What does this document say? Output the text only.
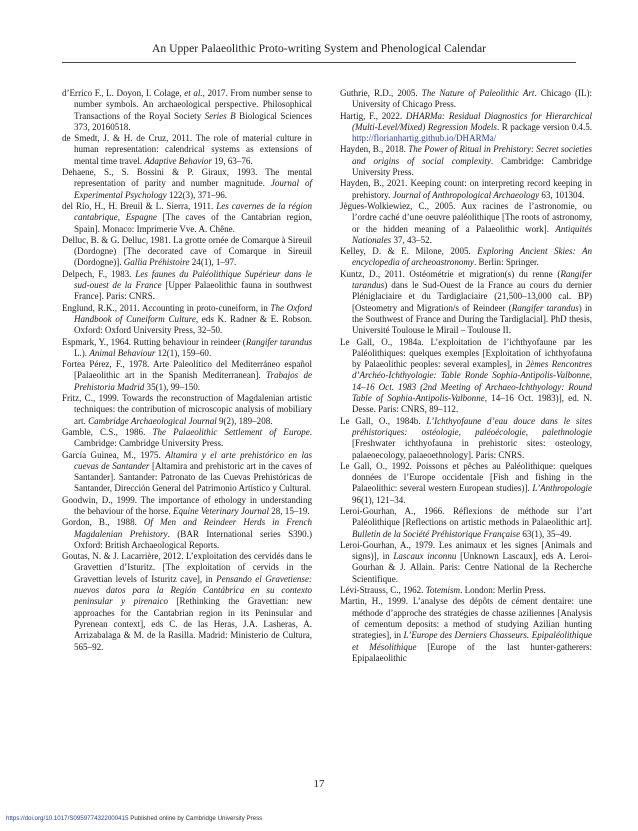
An Upper Palaeolithic Proto-writing System and Phenological Calendar

d’Errico F., L. Doyon, I. Colage, et al., 2017. From number sense to number symbols. An archaeological perspective. Philosophical Transactions of the Royal Society Series B Biological Sciences 373, 20160518.

de Smedt, J. & H. de Cruz, 2011. The role of material culture in human representation: calendrical systems as extensions of mental time travel. Adaptive Behavior 19, 63–76.

Dehaene, S., S. Bossini & P. Giraux, 1993. The mental representation of parity and number magnitude. Journal of Experimental Psychology 122(3), 371–96.

del Río, H., H. Breuil & L. Sierra, 1911. Les cavernes de la région cantabrique, Espagne [The caves of the Cantabrian region, Spain]. Monaco: Imprimerie Vve. A. Chêne.

Delluc, B. & G. Delluc, 1981. La grotte ornée de Comarque à Sireuil (Dordogne) [The decorated cave of Comarque in Sireuil (Dordogne)]. Gallia Préhistoire 24(1), 1–97.

Delpech, F., 1983. Les faunes du Paléolithique Supérieur dans le sud-ouest de la France [Upper Palaeolithic fauna in southwest France]. Paris: CNRS.

Englund, R.K., 2011. Accounting in proto-cuneiform, in The Oxford Handbook of Cuneiform Culture, eds K. Radner & E. Robson. Oxford: Oxford University Press, 32–50.

Espmark, Y., 1964. Rutting behaviour in reindeer (Rangifer tarandus L.). Animal Behaviour 12(1), 159–60.

Fortea Pérez, F., 1978. Arte Paleolítico del Mediterráneo español [Palaeolithic art in the Spanish Mediterranean]. Trabajos de Prehistoria Madrid 35(1), 99–150.

Fritz, C., 1999. Towards the reconstruction of Magdalenian artistic techniques: the contribution of microscopic analysis of mobiliary art. Cambridge Archaeological Journal 9(2), 189–208.

Gamble, C.S., 1986. The Palaeolithic Settlement of Europe. Cambridge: Cambridge University Press.

García Guinea, M., 1975. Altamira y el arte prehistórico en las cuevas de Santander [Altamira and prehistoric art in the caves of Santander]. Santander: Patronato de las Cuevas Prehistóricas de Santander, Dirección General del Patrimonio Artístico y Cultural.

Goodwin, D., 1999. The importance of ethology in understanding the behaviour of the horse. Equine Veterinary Journal 28, 15–19.

Gordon, B., 1988. Of Men and Reindeer Herds in French Magdalenian Prehistory. (BAR International series S390.) Oxford: British Archaeological Reports.

Goutas, N. & J. Lacarrière, 2012. L’exploitation des cervidés dans le Gravettien d’Isturitz. [The exploitation of cervids in the Gravettian levels of Isturitz cave], in Pensando el Gravetiense: nuevos datos para la Región Cantábrica en su contexto peninsular y pirenaico [Rethinking the Gravettian: new approaches for the Cantabrian region in its Peninsular and Pyrenean context], eds C. de las Heras, J.A. Lasheras, A. Arrizabalaga & M. de la Rasilla. Madrid: Ministerio de Cultura, 565–92.

Guthrie, R.D., 2005. The Nature of Paleolithic Art. Chicago (IL): University of Chicago Press.

Hartig, F., 2022. DHARMa: Residual Diagnostics for Hierarchical (Multi-Level/Mixed) Regression Models. R package version 0.4.5. http://florianhartig.github.io/DHARMa/

Hayden, B., 2018. The Power of Ritual in Prehistory: Secret societies and origins of social complexity. Cambridge: Cambridge University Press.

Hayden, B., 2021. Keeping count: on interpreting record keeping in prehistory. Journal of Anthropological Archaeology 63, 101304.

Jègues-Wolkiewiez, C., 2005. Aux racines de l’astronomie, ou l’ordre caché d’une oeuvre paléolithique [The roots of astronomy, or the hidden meaning of a Palaeolithic work]. Antiquités Nationales 37, 43–52.

Kelley, D. & E. Milone, 2005. Exploring Ancient Skies: An encyclopedia of archeoastronomy. Berlin: Springer.

Kuntz, D., 2011. Ostéométrie et migration(s) du renne (Rangifer tarandus) dans le Sud-Ouest de la France au cours du dernier Pléniglaciaire et du Tardiglaciaire (21,500–13,000 cal. BP) [Osteometry and Migration/s of Reindeer (Rangifer tarandus) in the Southwest of France and During the Tardiglacial]. PhD thesis, Université Toulouse le Mirail – Toulouse II.

Le Gall, O., 1984a. L’exploitation de l’ichthyofaune par les Paléolithiques: quelques exemples [Exploitation of ichthyofauna by Palaeolithic peoples: several examples], in 2èmes Rencontres d’Archéo-Ichthyologie: Table Ronde Sophia-Antipolis-Valbonne, 14–16 Oct. 1983 (2nd Meeting of Archaeo-Ichthyology: Round Table of Sophia-Antipolis-Valbonne, 14–16 Oct. 1983)], ed. N. Desse. Paris: CNRS, 89–112.

Le Gall, O., 1984b. L’Ichthyofaune d’eau douce dans le sites préhistoriques: ostéologie, paléoécologie, palethnologie [Freshwater ichthyofauna in prehistoric sites: osteology, palaeoecology, palaeoethnology]. Paris: CNRS.

Le Gall, O., 1992. Poissons et pêches au Paléolithique: quelques données de l’Europe occidentale [Fish and fishing in the Palaeolithic: several western European studies)]. L’Anthropologie 96(1), 121–34.

Leroi-Gourhan, A., 1966. Réflexions de méthode sur l’art Paléolithique [Reflections on artistic methods in Palaeolithic art]. Bulletin de la Société Préhistorique Française 63(1), 35–49.

Leroi-Gourhan, A., 1979. Les animaux et les signes [Animals and signs)], in Lascaux inconnu [Unknown Lascaux], eds A. Leroi-Gourhan & J. Allain. Paris: Centre National de la Recherche Scientifique.

Lévi-Strauss, C., 1962. Totemism. London: Merlin Press.

Martin, H., 1999. L’analyse des dépôts de cément dentaire: une méthode d’approche des stratégies de chasse aziliennes [Analysis of cementum deposits: a method of studying Azilian hunting strategies], in L’Europe des Derniers Chasseurs. Epipaléolithique et Mésolithique [Europe of the last hunter-gatherers: Epipalaeolithic

17
https://doi.org/10.1017/S0959774322000415 Published online by Cambridge University Press
